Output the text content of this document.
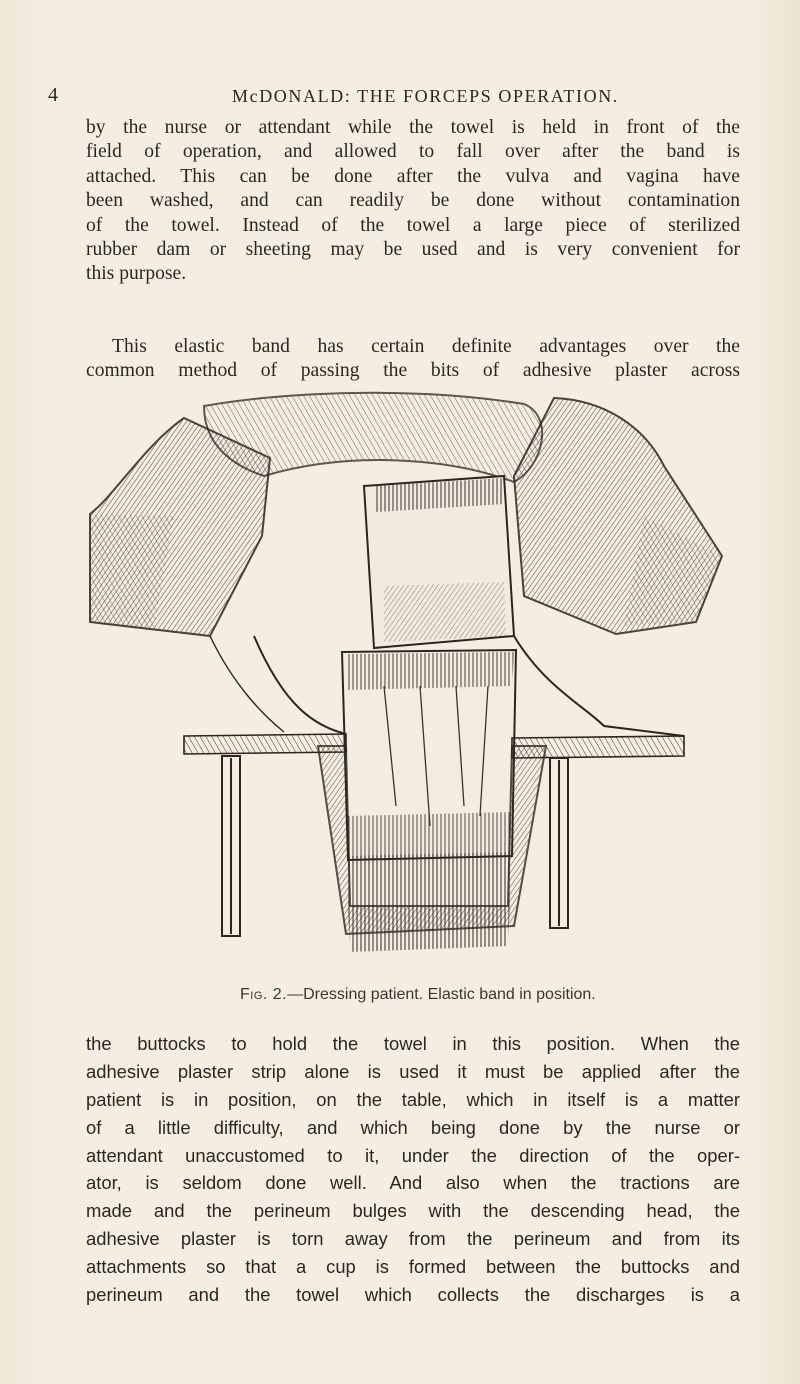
4	McDONALD: THE FORCEPS OPERATION.
by the nurse or attendant while the towel is held in front of the
field of operation, and allowed to fall over after the band is
attached. This can be done after the vulva and vagina have
been washed, and can readily be done without contamination
of the towel. Instead of the towel a large piece of sterilized
rubber dam or sheeting may be used and is very convenient for
this purpose.
This elastic band has certain definite advantages over the
common method of passing the bits of adhesive plaster across
Fig. 2.—Dressing patient. Elastic band in position.
the buttocks to hold the towel in this position. When the
adhesive plaster strip alone is used it must be applied after the
patient is in position, on the table, which in itself is a matter
of a little difficulty, and which being done by the nurse or
attendant unaccustomed to it, under the direction of the oper-
ator, is seldom done well. And also when the tractions are
made and the perineum bulges with the descending head, the
adhesive plaster is torn away from the perineum and from its
attachments so that a cup is formed between the buttocks and
perineum and the towel which collects the discharges is a
